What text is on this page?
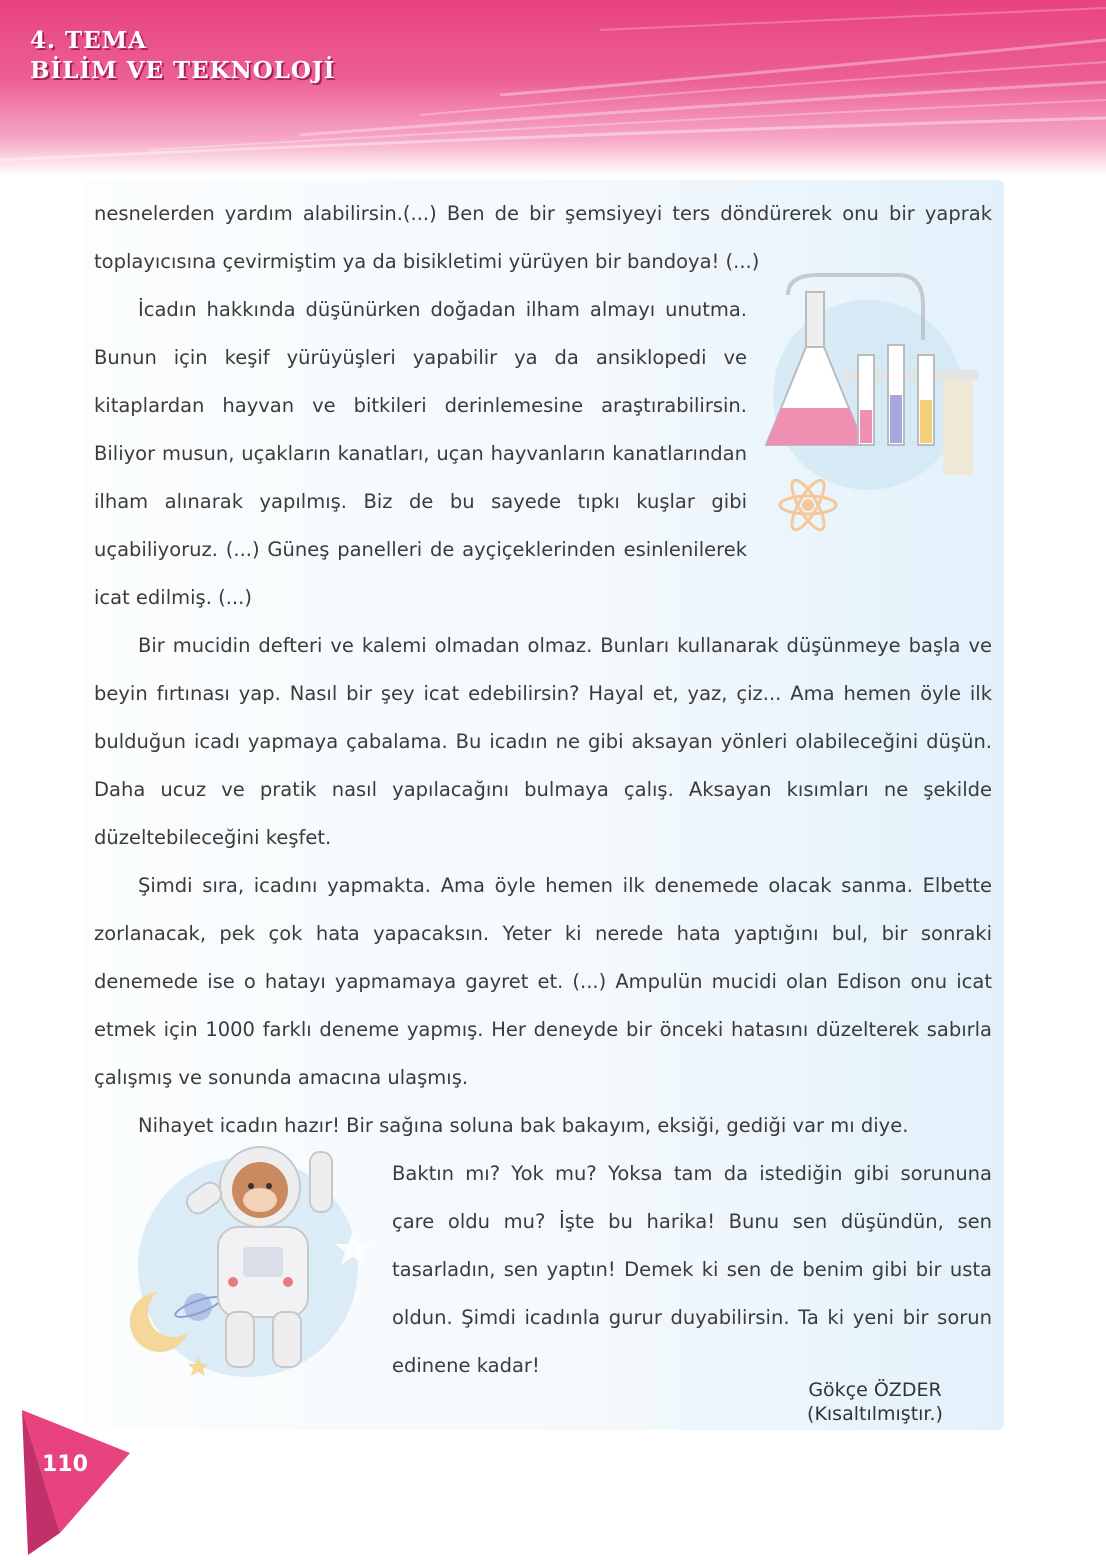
4. TEMA
BİLİM VE TEKNOLOJİ

nesnelerden yardım alabilirsin.(...) Ben de bir şemsiyeyi ters döndürerek onu bir yaprak toplayıcısına çevirmiştim ya da bisikletimi yürüyen bir bandoya! (...)

İcadın hakkında düşünürken doğadan ilham almayı unutma. Bunun için keşif yürüyüşleri yapabilir ya da ansiklopedi ve kitaplardan hayvan ve bitkileri derinlemesine araştırabilirsin. Biliyor musun, uçakların kanatları, uçan hayvanların kanatlarından ilham alınarak yapılmış. Biz de bu sayede tıpkı kuşlar gibi uçabiliyoruz. (...) Güneş panelleri de ayçiçeklerinden esinlenilerek icat edilmiş. (...)

Bir mucidin defteri ve kalemi olmadan olmaz. Bunları kullanarak düşünmeye başla ve beyin fırtınası yap. Nasıl bir şey icat edebilirsin? Hayal et, yaz, çiz... Ama hemen öyle ilk bulduğun icadı yapmaya çabalama. Bu icadın ne gibi aksayan yönleri olabileceğini düşün. Daha ucuz ve pratik nasıl yapılacağını bulmaya çalış. Aksayan kısımları ne şekilde düzeltebileceğini keşfet.

Şimdi sıra, icadını yapmakta. Ama öyle hemen ilk denemede olacak sanma. Elbette zorlanacak, pek çok hata yapacaksın. Yeter ki nerede hata yaptığını bul, bir sonraki denemede ise o hatayı yapmamaya gayret et. (...) Ampulün mucidi olan Edison onu icat etmek için 1000 farklı deneme yapmış. Her deneyde bir önceki hatasını düzelterek sabırla çalışmış ve sonunda amacına ulaşmış.

Nihayet icadın hazır! Bir sağına soluna bak bakayım, eksiği, gediği var mı diye.

Baktın mı? Yok mu? Yoksa tam da istediğin gibi sorununa çare oldu mu? İşte bu harika! Bunu sen düşündün, sen tasarladın, sen yaptın! Demek ki sen de benim gibi bir usta oldun. Şimdi icadınla gurur duyabilirsin. Ta ki yeni bir sorun edinene kadar!

Gökçe ÖZDER
(Kısaltılmıştır.)
110
